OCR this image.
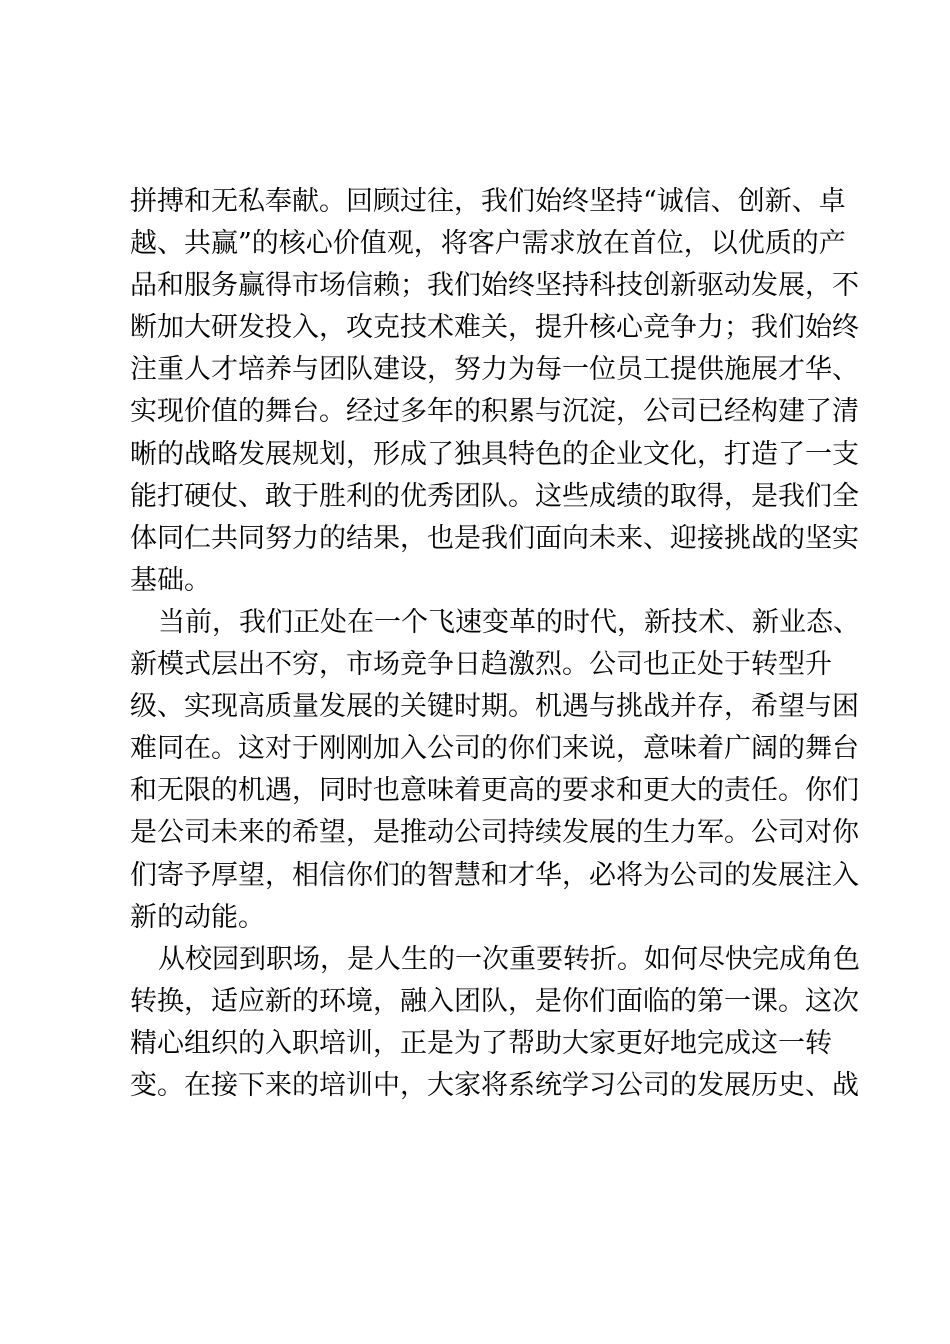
拼搏和无私奉献。回顾过往，我们始终坚持“诚信、创新、卓
越、共赢”的核心价值观，将客户需求放在首位，以优质的产
品和服务赢得市场信赖；我们始终坚持科技创新驱动发展，不
断加大研发投入，攻克技术难关，提升核心竞争力；我们始终
注重人才培养与团队建设，努力为每一位员工提供施展才华、
实现价值的舞台。经过多年的积累与沉淀，公司已经构建了清
晰的战略发展规划，形成了独具特色的企业文化，打造了一支
能打硬仗、敢于胜利的优秀团队。这些成绩的取得，是我们全
体同仁共同努力的结果，也是我们面向未来、迎接挑战的坚实
基础。
当前，我们正处在一个飞速变革的时代，新技术、新业态、
新模式层出不穷，市场竞争日趋激烈。公司也正处于转型升
级、实现高质量发展的关键时期。机遇与挑战并存，希望与困
难同在。这对于刚刚加入公司的你们来说，意味着广阔的舞台
和无限的机遇，同时也意味着更高的要求和更大的责任。你们
是公司未来的希望，是推动公司持续发展的生力军。公司对你
们寄予厚望，相信你们的智慧和才华，必将为公司的发展注入
新的动能。
从校园到职场，是人生的一次重要转折。如何尽快完成角色
转换，适应新的环境，融入团队，是你们面临的第一课。这次
精心组织的入职培训，正是为了帮助大家更好地完成这一转
变。在接下来的培训中，大家将系统学习公司的发展历史、战
